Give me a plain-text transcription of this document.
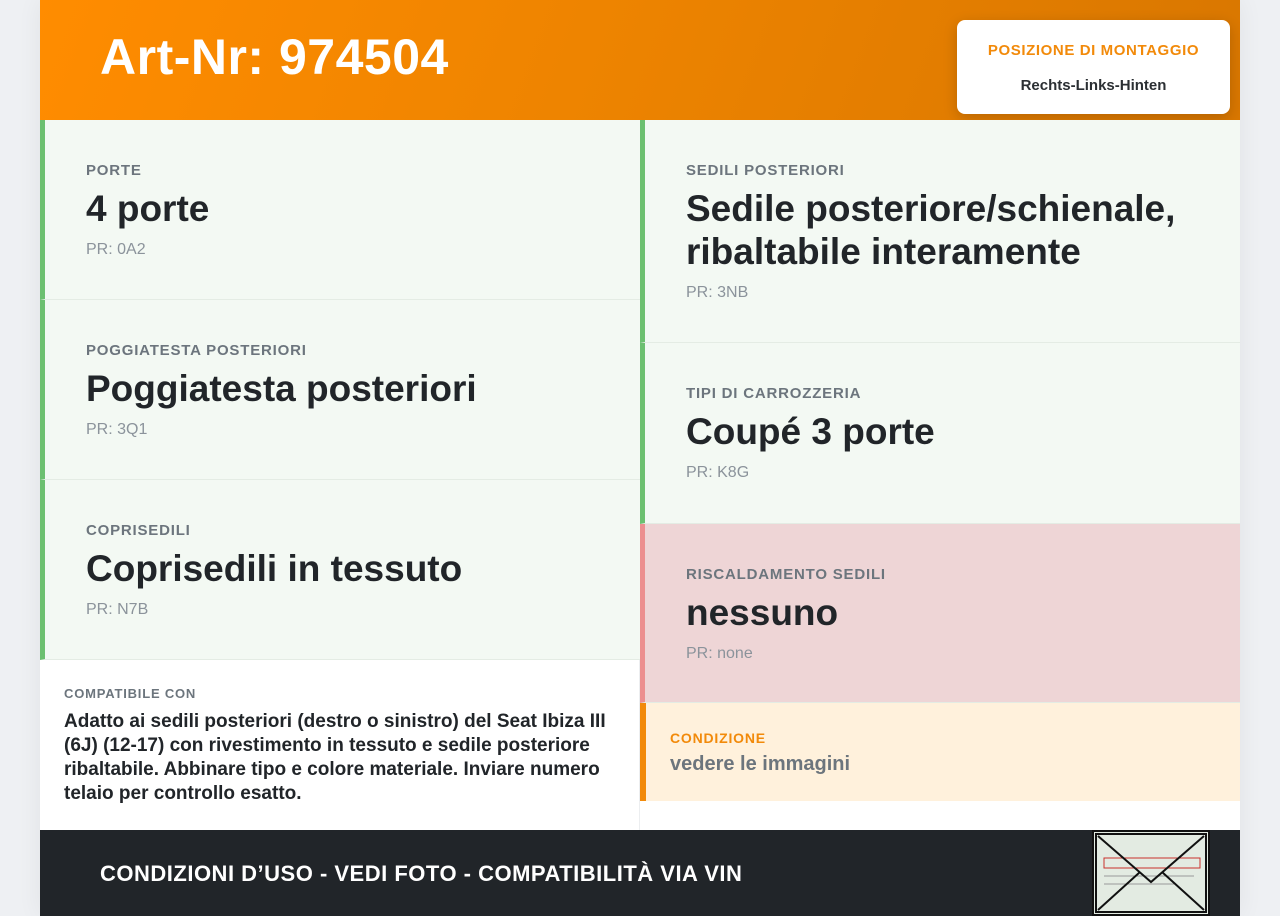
Art-Nr: 974504	POSIZIONE DI MONTAGGIO
Rechts-Links-Hinten
PORTE
4 porte
PR: 0A2
POGGIATESTA POSTERIORI
Poggiatesta posteriori
PR: 3Q1
COPRISEDILI
Coprisedili in tessuto
PR: N7B
SEDILI POSTERIORI
Sedile posteriore/schienale, ribaltabile interamente
PR: 3NB
TIPI DI CARROZZERIA
Coupé 3 porte
PR: K8G
RISCALDAMENTO SEDILI
nessuno
PR: none
COMPATIBILE CON
Adatto ai sedili posteriori (destro o sinistro) del Seat Ibiza III (6J) (12-17) con rivestimento in tessuto e sedile posteriore ribaltabile. Abbinare tipo e colore materiale. Inviare numero telaio per controllo esatto.
CONDIZIONE
vedere le immagini
CONDIZIONI D’USO - VEDI FOTO - COMPATIBILITÀ VIA VIN
